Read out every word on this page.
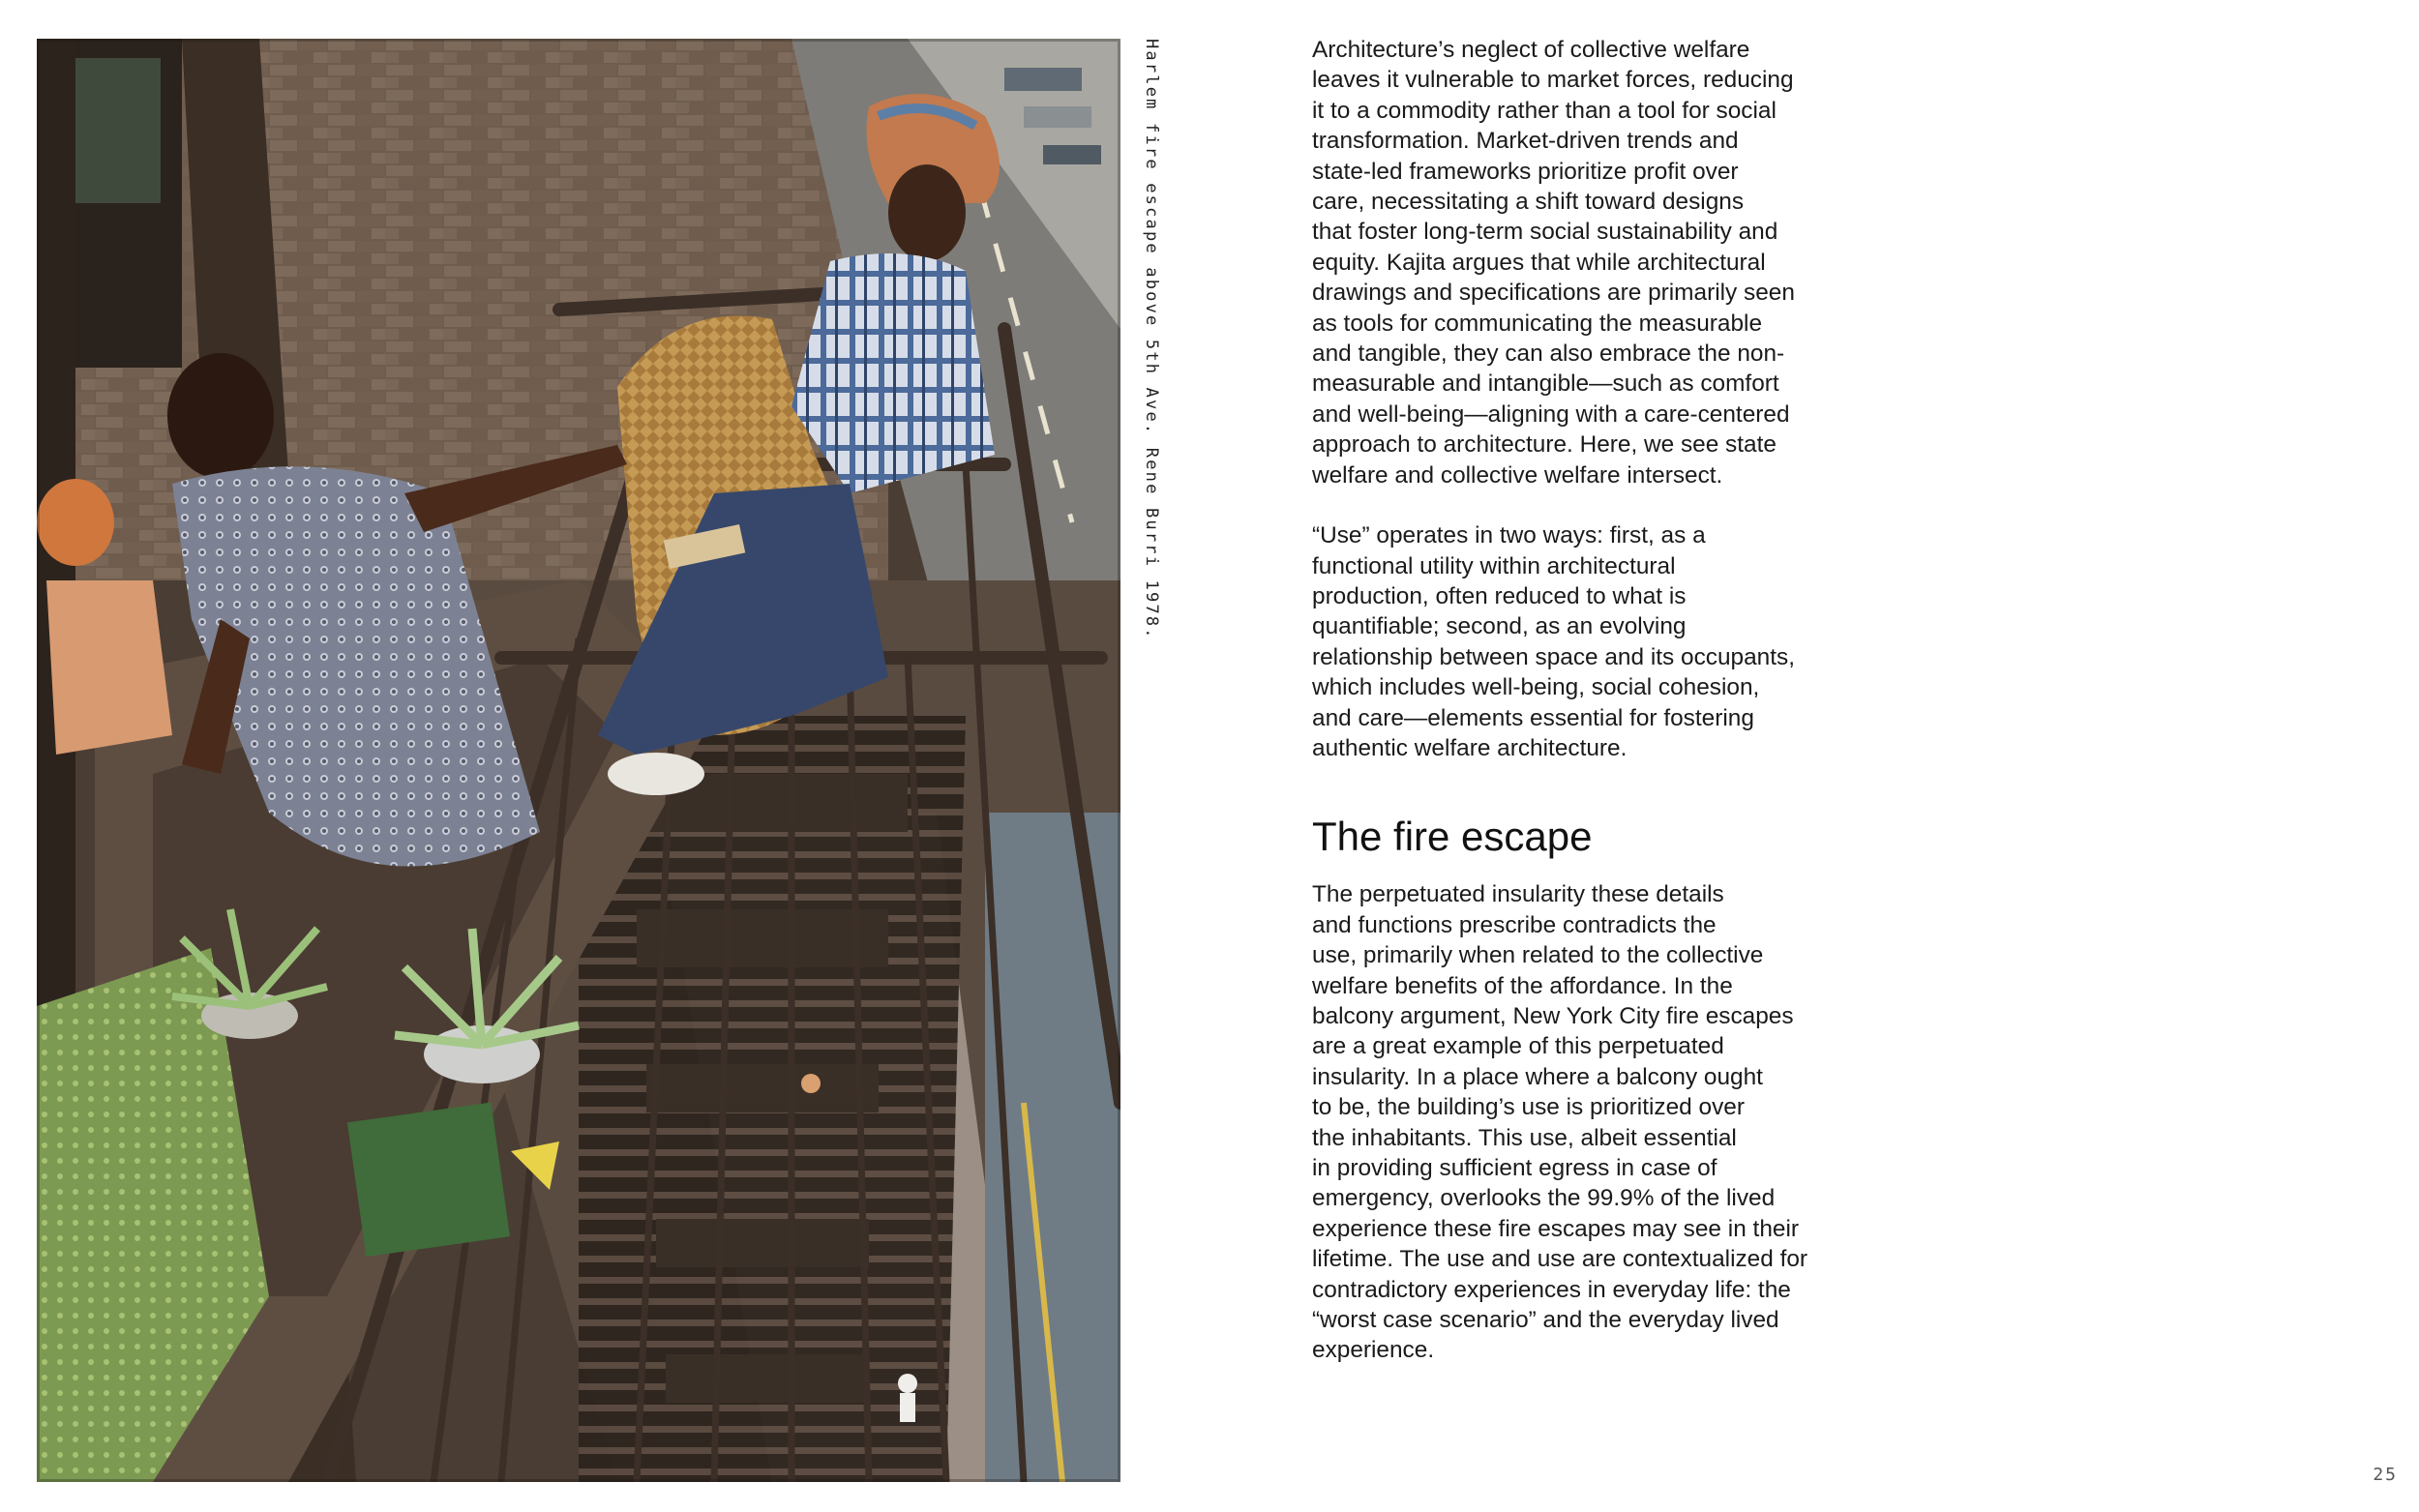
Harlem fire escape above 5th Ave. Rene Burri 1978.	Architecture’s neglect of collective welfare
leaves it vulnerable to market forces, reducing
it to a commodity rather than a tool for social
transformation. Market-driven trends and
state-led frameworks prioritize profit over
care, necessitating a shift toward designs
that foster long-term social sustainability and
equity. Kajita argues that while architectural
drawings and specifications are primarily seen
as tools for communicating the measurable
and tangible, they can also embrace the non-
measurable and intangible—such as comfort
and well-being—aligning with a care-centered
approach to architecture. Here, we see state
welfare and collective welfare intersect.

“Use” operates in two ways: first, as a
functional utility within architectural
production, often reduced to what is
quantifiable; second, as an evolving
relationship between space and its occupants,
which includes well-being, social cohesion,
and care—elements essential for fostering
authentic welfare architecture.

The fire escape

The perpetuated insularity these details
and functions prescribe contradicts the
use, primarily when related to the collective
welfare benefits of the affordance. In the
balcony argument, New York City fire escapes
are a great example of this perpetuated
insularity. In a place where a balcony ought
to be, the building’s use is prioritized over
the inhabitants. This use, albeit essential
in providing sufficient egress in case of
emergency, overlooks the 99.9% of the lived
experience these fire escapes may see in their
lifetime. The use and use are contextualized for
contradictory experiences in everyday life: the
“worst case scenario” and the everyday lived
experience.

25
